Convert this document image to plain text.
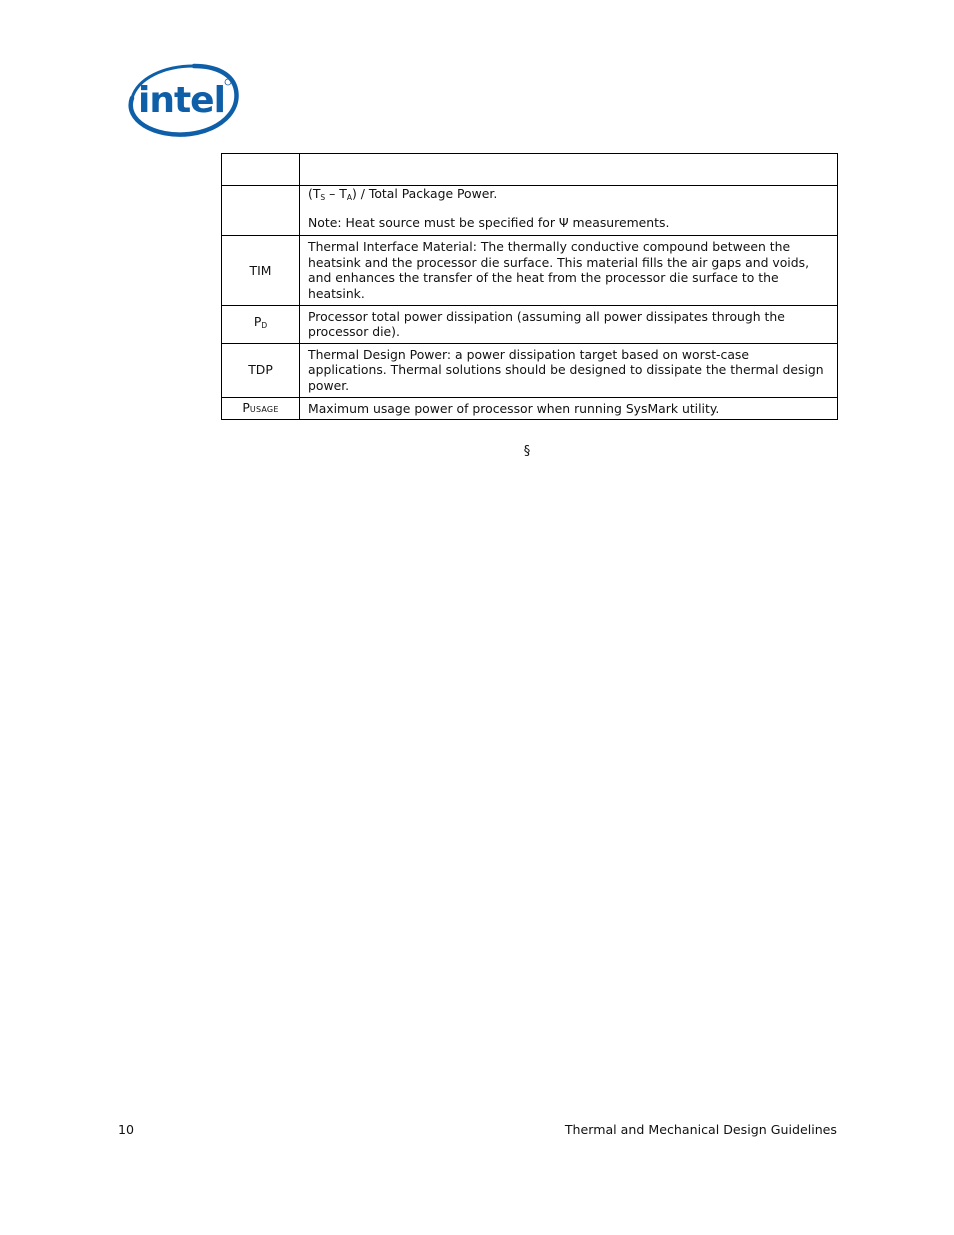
intel

	$(T_S - T_A)$ / Total Package Power.
Note: Heat source must be specified for Ψ measurements.

TIM	Thermal Interface Material: The thermally conductive compound between the heatsink and the processor die surface. This material fills the air gaps and voids, and enhances the transfer of the heat from the processor die surface to the heatsink.
$P_D$	Processor total power dissipation (assuming all power dissipates through the processor die).
TDP	Thermal Design Power: a power dissipation target based on worst-case applications. Thermal solutions should be designed to dissipate the thermal design power.
PUSAGE	Maximum usage power of processor when running SysMark utility.
§
10	Thermal and Mechanical Design Guidelines
